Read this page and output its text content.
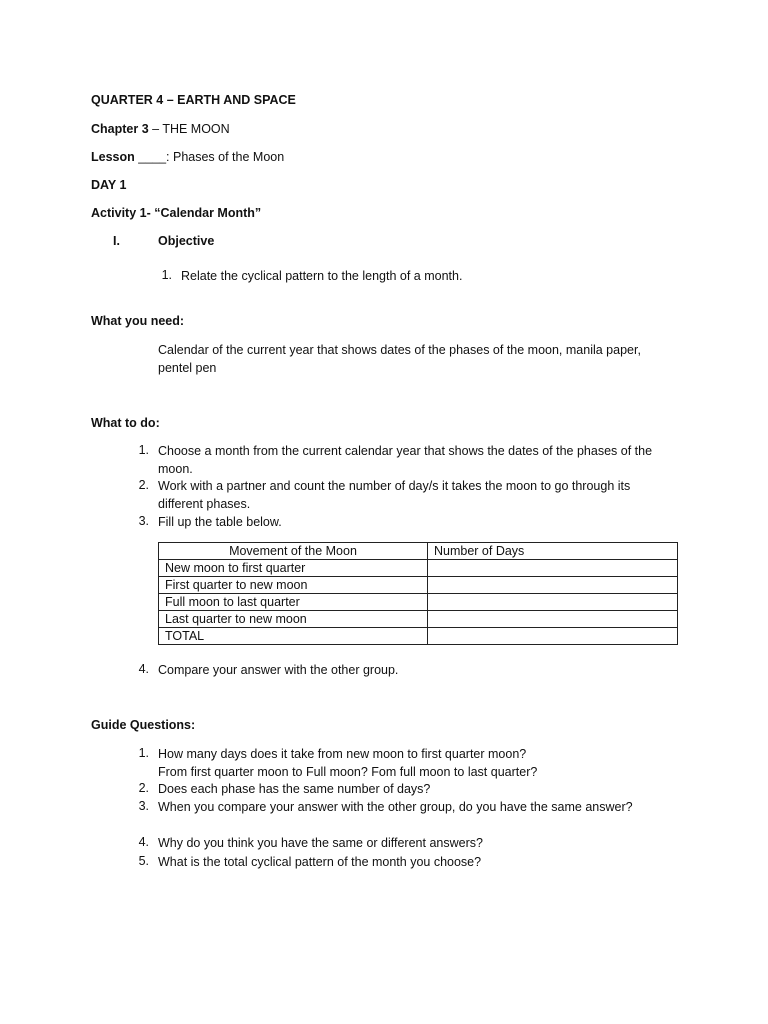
QUARTER 4 – EARTH AND SPACE
Chapter 3 – THE MOON
Lesson ____: Phases of the Moon
DAY 1
Activity 1- “Calendar Month”
I.	Objective
1. Relate the cyclical pattern to the length of a month.
What you need:
Calendar of the current year that shows dates of the phases of the moon, manila paper, pentel pen
What to do:
1. Choose a month from the current calendar year that shows the dates of the phases of the moon.
2. Work with a partner and count the number of day/s it takes the moon to go through its different phases.
3. Fill up the table below.
Movement of the Moon	Number of Days
New moon to first quarter	
First quarter to new moon	
Full moon to last quarter	
Last quarter to new moon	
TOTAL	
4. Compare your answer with the other group.
Guide Questions:
1. How many days does it take from new moon to first quarter moon?
From first quarter moon to Full moon? Fom full moon to last quarter?
2. Does each phase has the same number of days?
3. When you compare your answer with the other group, do you have the same answer?
4. Why do you think you have the same or different answers?
5. What is the total cyclical pattern of the month you choose?
